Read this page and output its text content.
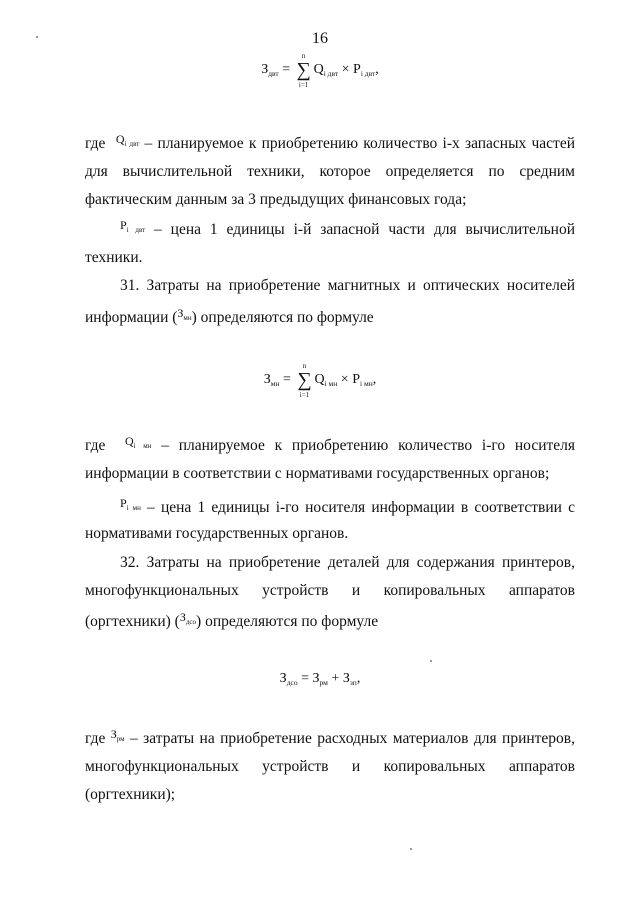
16
$З_{двт}$ =
n
∑
i=1
$Q_{i двт} \times P_{i двт}$,
где $^{Q_{i двт}}$ – планируемое к приобретению количество i-х запасных частей
для вычислительной техники, которое определяется по средним
фактическим данным за 3 предыдущих финансовых года;
$^{P_{i двт}}$ – цена 1 единицы i-й запасной части для вычислительной
техники.
31. Затраты на приобретение магнитных и оптических носителей
информации ($^{З_{мн}}$) определяются по формуле
$З_{мн}$ =
n
∑
i=1
$Q_{i мн} \times P_{i мн}$,
где $^{Q_{i мн}}$ – планируемое к приобретению количество i-го носителя
информации в соответствии с нормативами государственных органов;
$^{P_{i мн}}$ – цена 1 единицы i-го носителя информации в соответствии с
нормативами государственных органов.
32. Затраты на приобретение деталей для содержания принтеров,
многофункциональных устройств и копировальных аппаратов
(оргтехники) ($^{З_{дсо}}$) определяются по формуле
$З_{дсо} = З_{рм} + З_{зп}$,
где $^{З_{рм}}$ – затраты на приобретение расходных материалов для принтеров,
многофункциональных устройств и копировальных аппаратов
(оргтехники);
